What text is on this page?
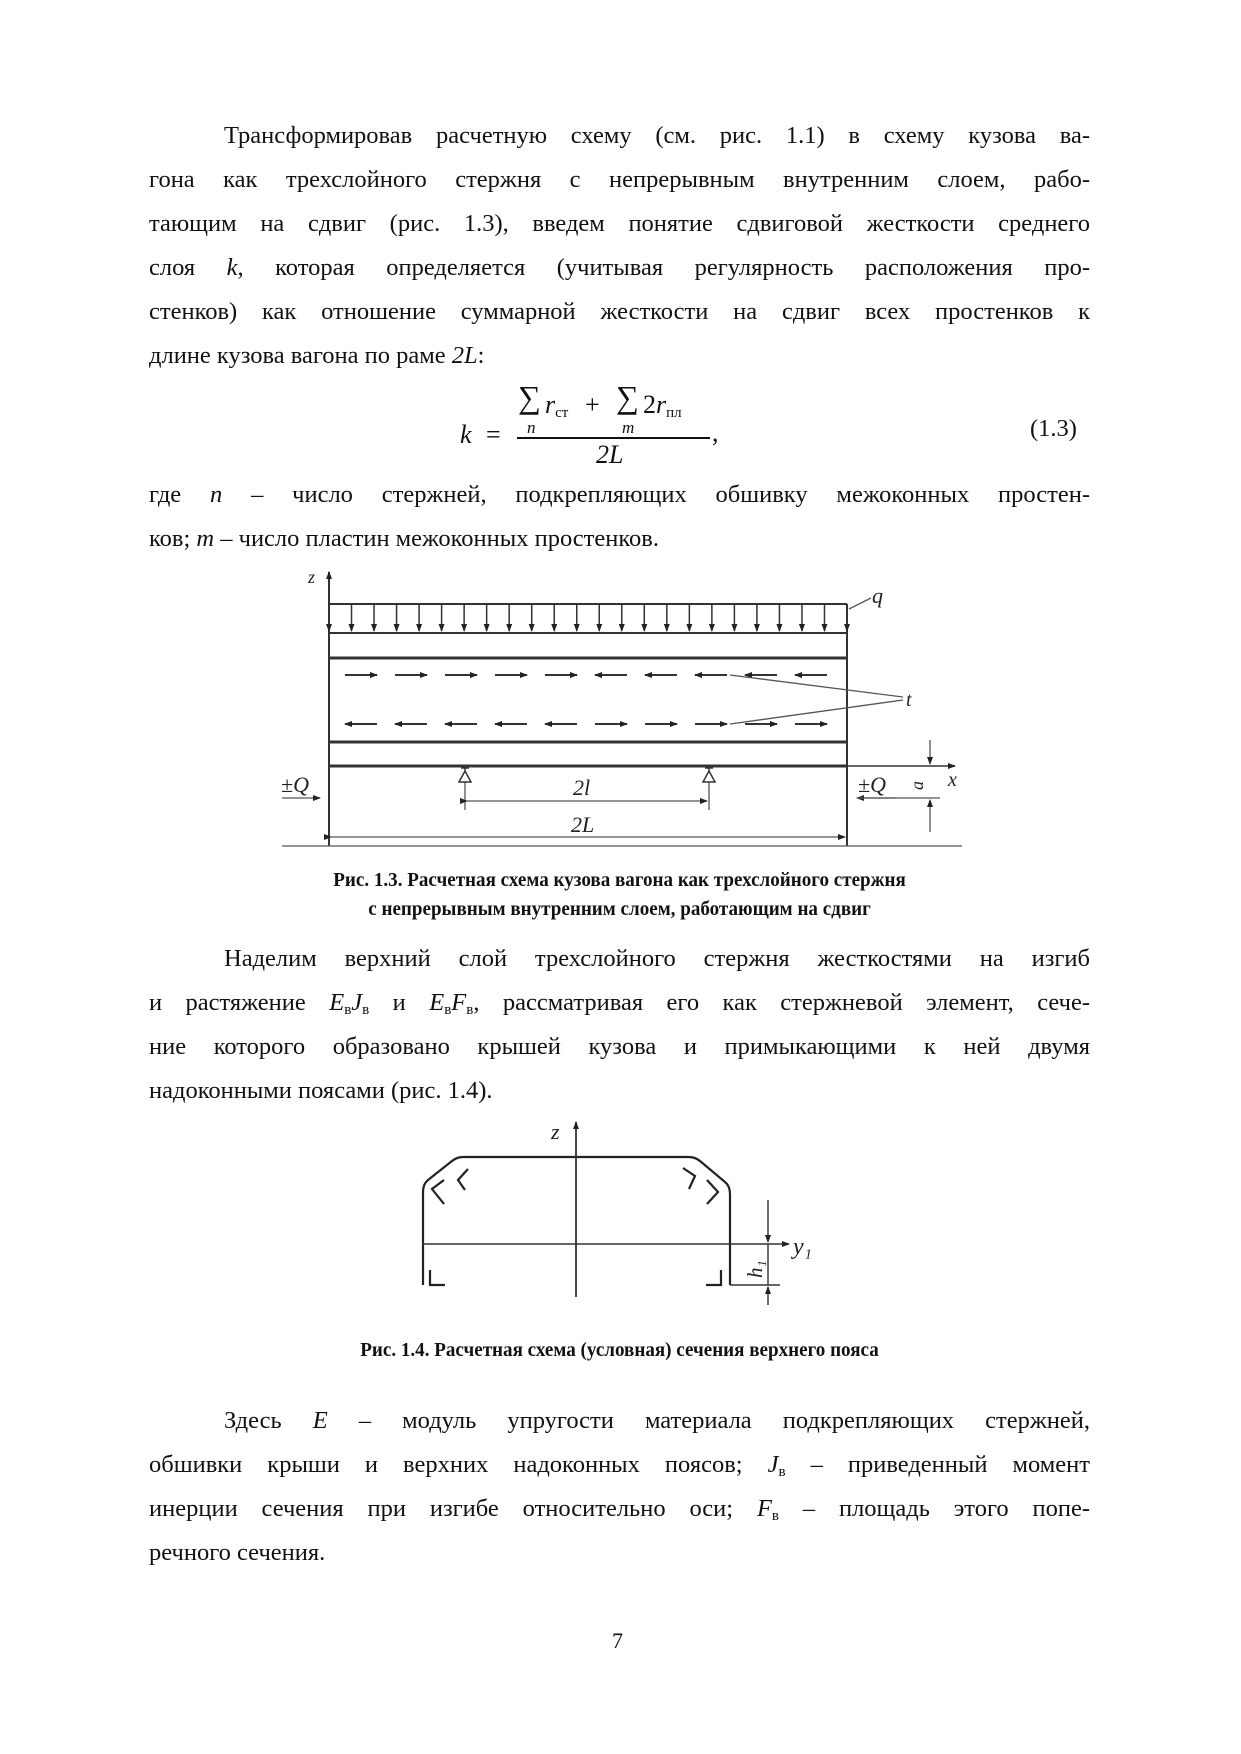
Трансформировав расчетную схему (см. рис. 1.1) в схему кузова ва-
гона как трехслойного стержня с непрерывным внутренним слоем, рабо-
тающим на сдвиг (рис. 1.3), введем понятие сдвиговой жесткости среднего
слоя k, которая определяется (учитывая регулярность расположения про-
стенков) как отношение суммарной жесткости на сдвиг всех простенков к
длине кузова вагона по раме 2L:
k =
∑ $r_{ст}$
n
+ ∑ $2r_{пл}$
m
2L
,	(1.3)
где n – число стержней, подкрепляющих обшивку межоконных простен-
ков; m – число пластин межоконных простенков.
z
q
t
±Q	±Q	x
a
2l
2L
Рис. 1.3. Расчетная схема кузова вагона как трехслойного стержня
с непрерывным внутренним слоем, работающим на сдвиг
Наделим верхний слой трехслойного стержня жесткостями на изгиб
и растяжение $E_вJ_в$ и $E_вF_в$, рассматривая его как стержневой элемент, сече-
ние которого образовано крышей кузова и примыкающими к ней двумя
надоконными поясами (рис. 1.4).
z
y₁
h₁
Рис. 1.4. Расчетная схема (условная) сечения верхнего пояса
Здесь E – модуль упругости материала подкрепляющих стержней,
обшивки крыши и верхних надоконных поясов; $J_в$ – приведенный момент
инерции сечения при изгибе относительно оси; $F_в$ – площадь этого попе-
речного сечения.
7
